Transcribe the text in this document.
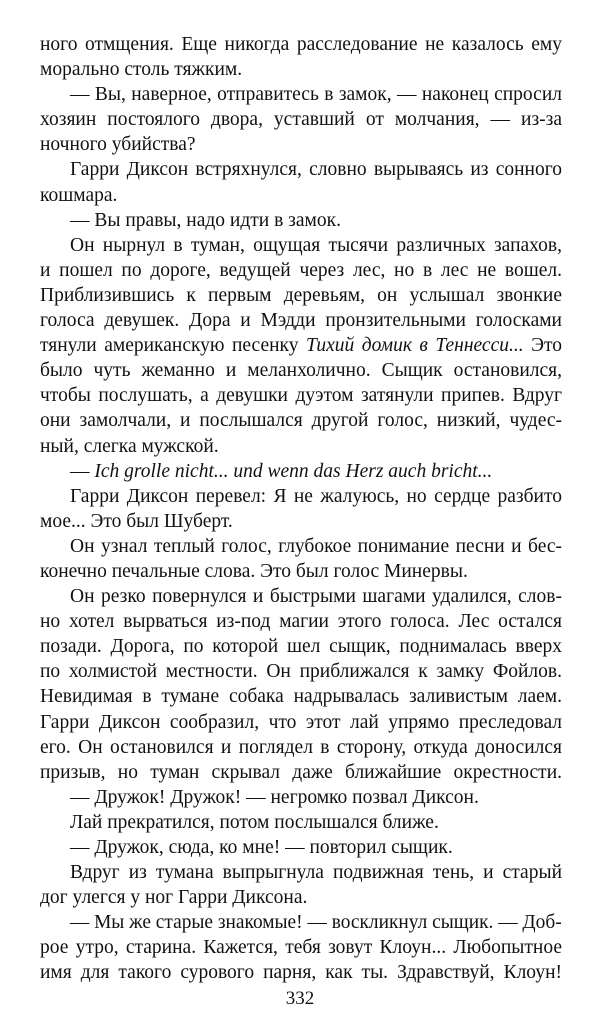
ного отмщения. Еще никогда расследование не казалось ему
морально столь тяжким.
— Вы, наверное, отправитесь в замок, — наконец спросил
хозяин постоялого двора, уставший от молчания, — из-за
ночного убийства?
Гарри Диксон встряхнулся, словно вырываясь из сонного
кошмара.
— Вы правы, надо идти в замок.
Он нырнул в туман, ощущая тысячи различных запахов,
и пошел по дороге, ведущей через лес, но в лес не вошел.
Приблизившись к первым деревьям, он услышал звонкие
голоса девушек. Дора и Мэдди пронзительными голосками
тянули американскую песенку Тихий домик в Теннесси... Это
было чуть жеманно и меланхолично. Сыщик остановился,
чтобы послушать, а девушки дуэтом затянули припев. Вдруг
они замолчали, и послышался другой голос, низкий, чудес-
ный, слегка мужской.
— Ich grolle nicht... und wenn das Herz auch bricht...
Гарри Диксон перевел: Я не жалуюсь, но сердце разбито
мое... Это был Шуберт.
Он узнал теплый голос, глубокое понимание песни и бес-
конечно печальные слова. Это был голос Минервы.
Он резко повернулся и быстрыми шагами удалился, слов-
но хотел вырваться из-под магии этого голоса. Лес остался
позади. Дорога, по которой шел сыщик, поднималась вверх
по холмистой местности. Он приближался к замку Фойлов.
Невидимая в тумане собака надрывалась заливистым лаем.
Гарри Диксон сообразил, что этот лай упрямо преследовал
его. Он остановился и поглядел в сторону, откуда доносился
призыв, но туман скрывал даже ближайшие окрестности.
— Дружок! Дружок! — негромко позвал Диксон.
Лай прекратился, потом послышался ближе.
— Дружок, сюда, ко мне! — повторил сыщик.
Вдруг из тумана выпрыгнула подвижная тень, и старый
дог улегся у ног Гарри Диксона.
— Мы же старые знакомые! — воскликнул сыщик. — Доб-
рое утро, старина. Кажется, тебя зовут Клоун... Любопытное
имя для такого сурового парня, как ты. Здравствуй, Клоун!
332
